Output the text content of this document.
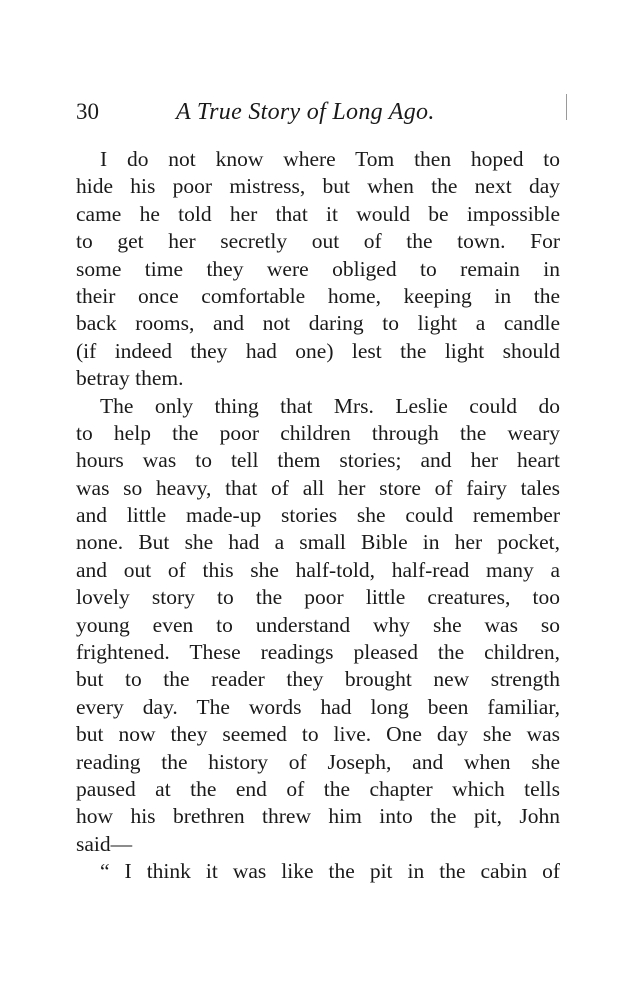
30	A True Story of Long Ago.
I do not know where Tom then hoped to
hide his poor mistress, but when the next day
came he told her that it would be impossible
to get her secretly out of the town. For
some time they were obliged to remain in
their once comfortable home, keeping in the
back rooms, and not daring to light a candle
(if indeed they had one) lest the light should
betray them.
The only thing that Mrs. Leslie could do
to help the poor children through the weary
hours was to tell them stories; and her heart
was so heavy, that of all her store of fairy tales
and little made-up stories she could remember
none. But she had a small Bible in her pocket,
and out of this she half-told, half-read many a
lovely story to the poor little creatures, too
young even to understand why she was so
frightened. These readings pleased the children,
but to the reader they brought new strength
every day. The words had long been familiar,
but now they seemed to live. One day she was
reading the history of Joseph, and when she
paused at the end of the chapter which tells
how his brethren threw him into the pit, John
said—
“ I think it was like the pit in the cabin of
